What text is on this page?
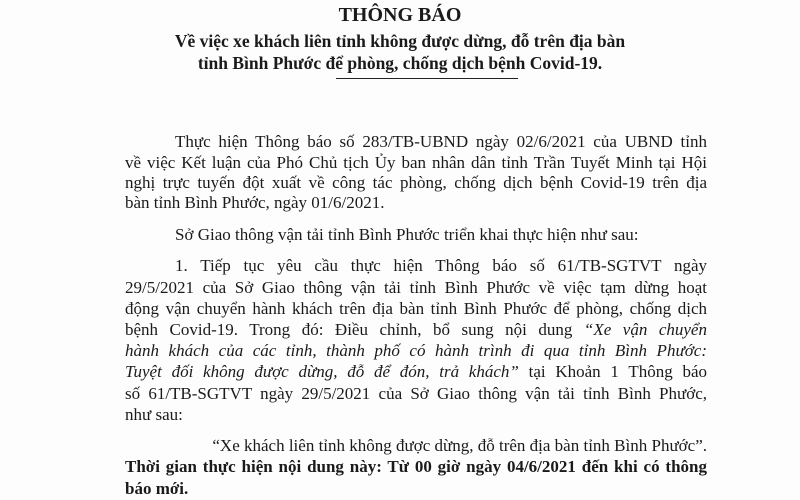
THÔNG BÁO
Về việc xe khách liên tỉnh không được dừng, đỗ trên địa bàn
tỉnh Bình Phước để phòng, chống dịch bệnh Covid-19.
Thực hiện Thông báo số 283/TB-UBND ngày 02/6/2021 của UBND tỉnh
về việc Kết luận của Phó Chủ tịch Ủy ban nhân dân tỉnh Trần Tuyết Minh tại Hội
nghị trực tuyến đột xuất về công tác phòng, chống dịch bệnh Covid-19 trên địa
bàn tỉnh Bình Phước, ngày 01/6/2021.
Sở Giao thông vận tải tỉnh Bình Phước triển khai thực hiện như sau:
1. Tiếp tục yêu cầu thực hiện Thông báo số 61/TB-SGTVT ngày
29/5/2021 của Sở Giao thông vận tải tỉnh Bình Phước về việc tạm dừng hoạt
động vận chuyển hành khách trên địa bàn tỉnh Bình Phước để phòng, chống dịch
bệnh Covid-19. Trong đó: Điều chỉnh, bổ sung nội dung “Xe vận chuyển
hành khách của các tỉnh, thành phố có hành trình đi qua tỉnh Bình Phước:
Tuyệt đối không được dừng, đỗ để đón, trả khách” tại Khoản 1 Thông báo
số 61/TB-SGTVT ngày 29/5/2021 của Sở Giao thông vận tải tỉnh Bình Phước,
như sau:
“Xe khách liên tỉnh không được dừng, đỗ trên địa bàn tỉnh Bình Phước”.
Thời gian thực hiện nội dung này: Từ 00 giờ ngày 04/6/2021 đến khi có thông
báo mới.
